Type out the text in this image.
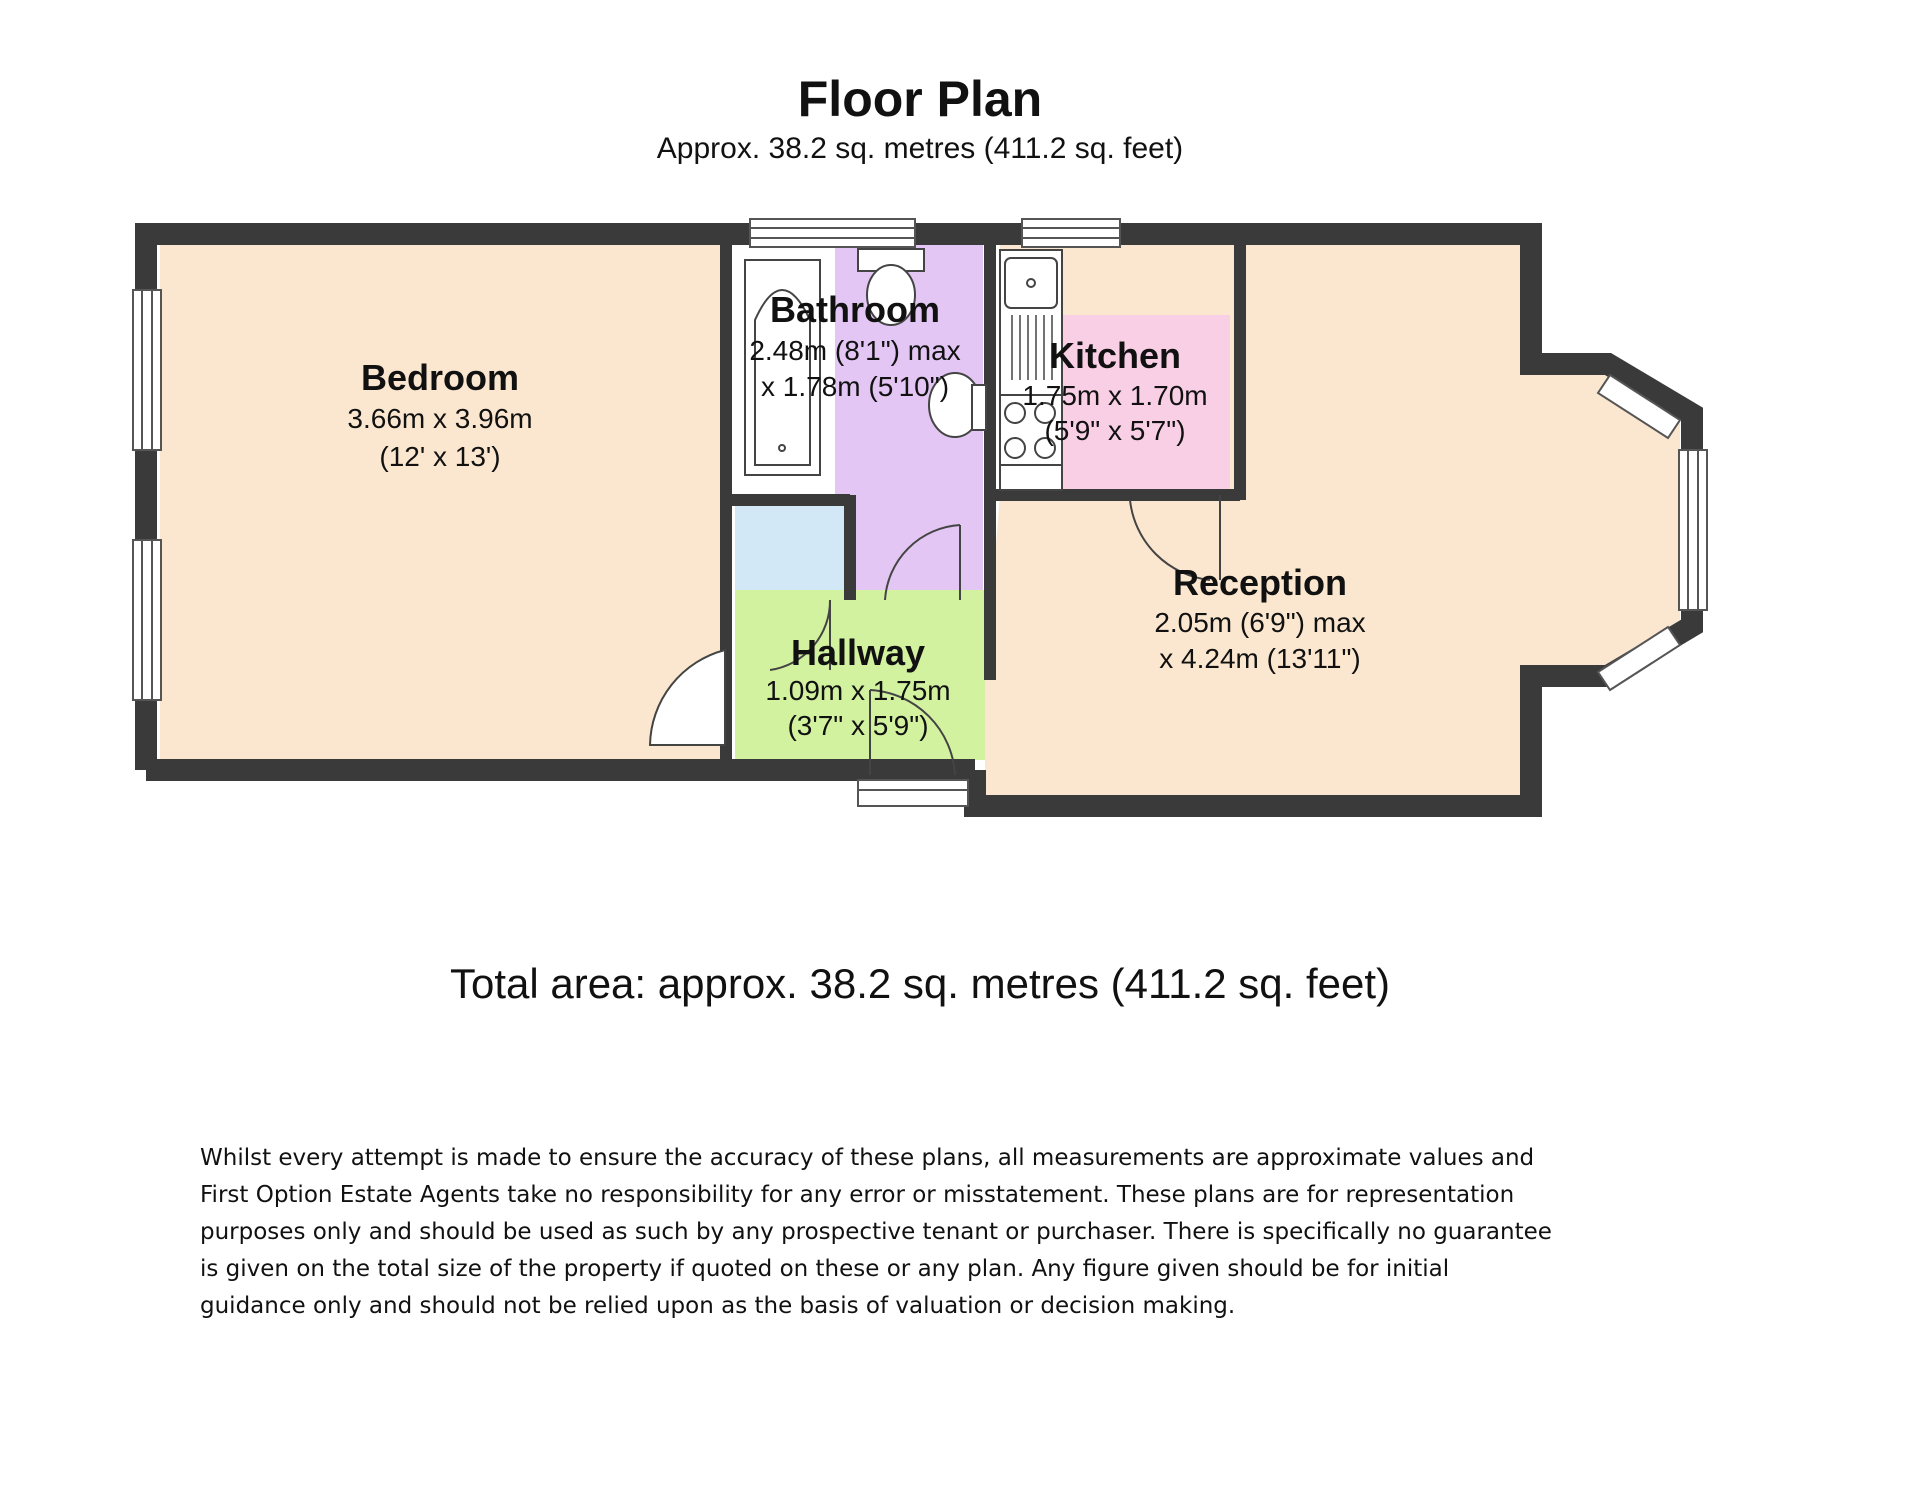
Floor Plan
Approx. 38.2 sq. metres (411.2 sq. feet)
Bedroom
3.66m x 3.96m
(12' x 13')
Bathroom
2.48m (8'1") max
x 1.78m (5'10")
Kitchen
1.75m x 1.70m
(5'9" x 5'7")
Reception
2.05m (6'9") max
x 4.24m (13'11")
Hallway
1.09m x 1.75m
(3'7" x 5'9")
Total area: approx. 38.2 sq. metres (411.2 sq. feet)
Whilst every attempt is made to ensure the accuracy of these plans, all measurements are approximate values and First Option Estate Agents take no responsibility for any error or misstatement. These plans are for representation purposes only and should be used as such by any prospective tenant or purchaser. There is specifically no guarantee is given on the total size of the property if quoted on these or any plan. Any figure given should be for initial guidance only and should not be relied upon as the basis of valuation or decision making.
